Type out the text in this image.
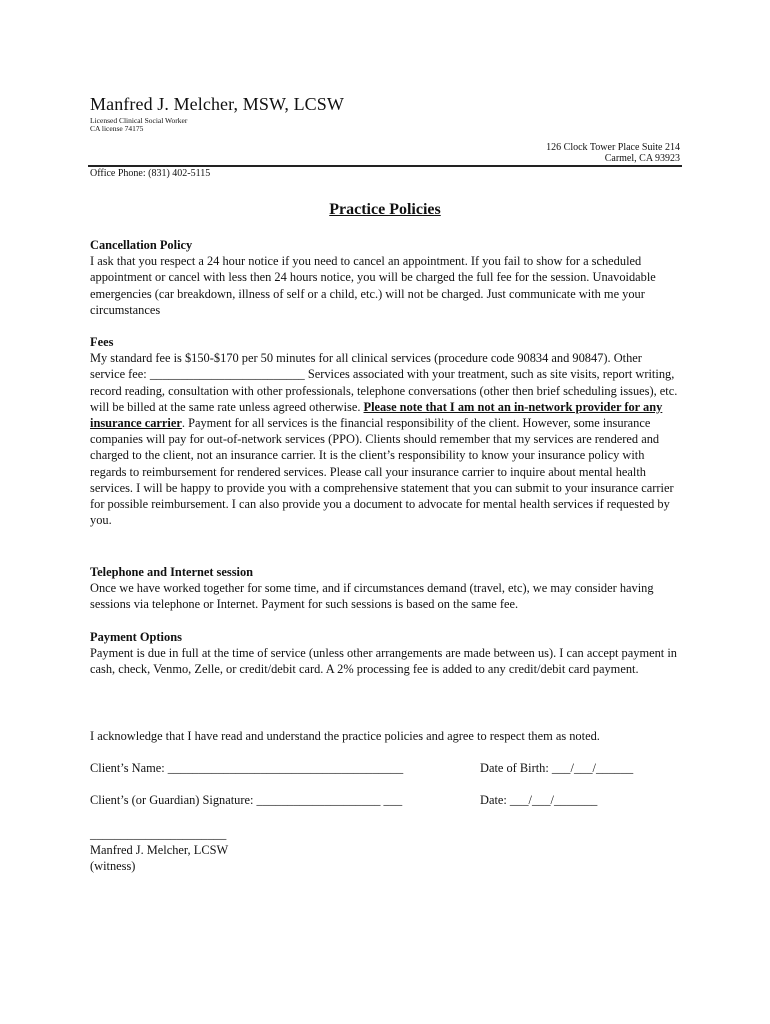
Manfred J. Melcher, MSW, LCSW
Licensed Clinical Social Worker
CA license 74175
126 Clock Tower Place Suite 214
Carmel, CA 93923
Office Phone: (831) 402-5115
Practice Policies
Cancellation Policy

I ask that you respect a 24 hour notice if you need to cancel an appointment. If you fail to show for a scheduled appointment or cancel with less then 24 hours notice, you will be charged the full fee for the session. Unavoidable emergencies (car breakdown, illness of self or a child, etc.) will not be charged. Just communicate with me your circumstances

Fees

My standard fee is $150-$170 per 50 minutes for all clinical services (procedure code 90834 and 90847). Other service fee: _________________________ Services associated with your treatment, such as site visits, report writing, record reading, consultation with other professionals, telephone conversations (other then brief scheduling issues), etc. will be billed at the same rate unless agreed otherwise. Please note that I am not an in-network provider for any insurance carrier. Payment for all services is the financial responsibility of the client. However, some insurance companies will pay for out-of-network services (PPO). Clients should remember that my services are rendered and charged to the client, not an insurance carrier. It is the client’s responsibility to know your insurance policy with regards to reimbursement for rendered services. Please call your insurance carrier to inquire about mental health services. I will be happy to provide you with a comprehensive statement that you can submit to your insurance carrier for possible reimbursement. I can also provide you a document to advocate for mental health services if requested by you.

Telephone and Internet session

Once we have worked together for some time, and if circumstances demand (travel, etc), we may consider having sessions via telephone or Internet. Payment for such sessions is based on the same fee.

Payment Options

Payment is due in full at the time of service (unless other arrangements are made between us). I can accept payment in cash, check, Venmo, Zelle, or credit/debit card. A 2% processing fee is added to any credit/debit card payment.

I acknowledge that I have read and understand the practice policies and agree to respect them as noted.
Client’s Name: ______________________________________	Date of Birth: ___/___/______
Client’s (or Guardian) Signature: ____________________ ___	Date: ___/___/_______
______________________
Manfred J. Melcher, LCSW
(witness)
